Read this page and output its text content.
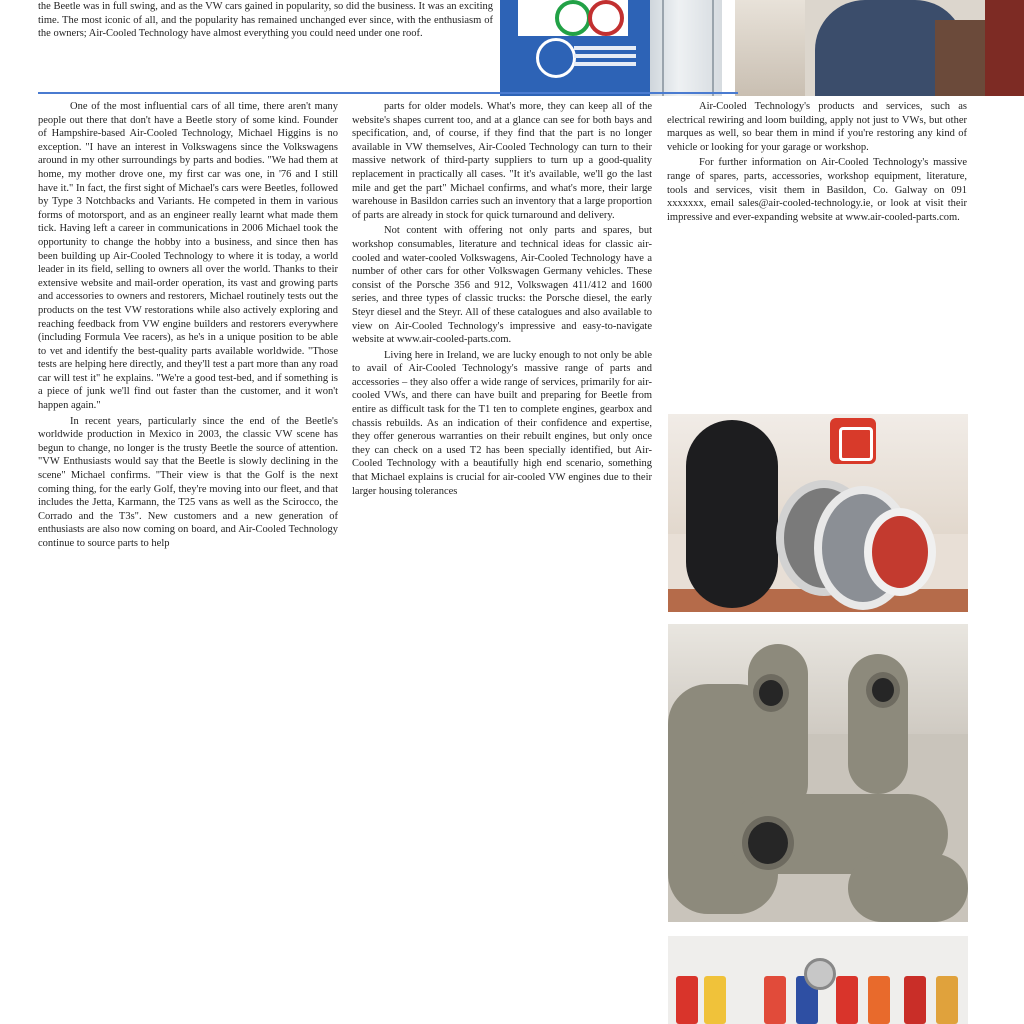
the Beetle was in full swing, and as the VW cars gained in popularity, so did the business. It was an exciting time. The most iconic of all, and the popularity has remained unchanged ever since, with the enthusiasm of the owners; Air-Cooled Technology have almost everything you could need under one roof.

One of the most influential cars of all time, there aren't many people out there that don't have a Beetle story of some kind. Founder of Hampshire-based Air-Cooled Technology, Michael Higgins is no exception. "I have an interest in Volkswagens since the Volkswagens around in my other surroundings by parts and bodies. "We had them at home, my mother drove one, my first car was one, in '76 and I still have it." In fact, the first sight of Michael's cars were Beetles, followed by Type 3 Notchbacks and Variants. He competed in them in various forms of motorsport, and as an engineer really learnt what made them tick. Having left a career in communications in 2006 Michael took the opportunity to change the hobby into a business, and since then has been building up Air-Cooled Technology to where it is today, a world leader in its field, selling to owners all over the world. Thanks to their extensive website and mail-order operation, its vast and growing parts and accessories to owners and restorers, Michael routinely tests out the products on the test VW restorations while also actively exploring and reaching feedback from VW engine builders and restorers everywhere (including Formula Vee racers), as he's in a unique position to be able to vet and identify the best-quality parts available worldwide. "Those tests are helping here directly, and they'll test a part more than any road car will test it" he explains. "We're a good test-bed, and if something is a piece of junk we'll find out faster than the customer, and it won't happen again."

In recent years, particularly since the end of the Beetle's worldwide production in Mexico in 2003, the classic VW scene has begun to change, no longer is the trusty Beetle the source of attention. "VW Enthusiasts would say that the Beetle is slowly declining in the scene" Michael confirms. "Their view is that the Golf is the next coming thing, for the early Golf, they're moving into our fleet, and that includes the Jetta, Karmann, the T25 vans as well as the Scirocco, the Corrado and the T3s". New customers and a new generation of enthusiasts are also now coming on board, and Air-Cooled Technology continue to source parts to help

parts for older models. What's more, they can keep all of the website's shapes current too, and at a glance can see for both bays and specification, and, of course, if they find that the part is no longer available in VW themselves, Air-Cooled Technology can turn to their massive network of third-party suppliers to turn up a good-quality replacement in practically all cases. "It it's available, we'll go the last mile and get the part" Michael confirms, and what's more, their large warehouse in Basildon carries such an inventory that a large proportion of parts are already in stock for quick turnaround and delivery.

Not content with offering not only parts and spares, but workshop consumables, literature and technical ideas for classic air-cooled and water-cooled Volkswagens, Air-Cooled Technology have a number of other cars for other Volkswagen Germany vehicles. These consist of the Porsche 356 and 912, Volkswagen 411/412 and 1600 series, and three types of classic trucks: the Porsche diesel, the early Steyr diesel and the Steyr. All of these catalogues and also available to view on Air-Cooled Technology's impressive and easy-to-navigate website at www.air-cooled-parts.com.

Living here in Ireland, we are lucky enough to not only be able to avail of Air-Cooled Technology's massive range of parts and accessories – they also offer a wide range of services, primarily for air-cooled VWs, and there can have built and preparing for Beetle from entire as difficult task for the T1 ten to complete engines, gearbox and chassis rebuilds. As an indication of their confidence and expertise, they offer generous warranties on their rebuilt engines, but only once they can check on a used T2 has been specially identified, but Air-Cooled Technology with a beautifully high end scenario, something that Michael explains is crucial for air-cooled VW engines due to their larger housing tolerances

Air-Cooled Technology's products and services, such as electrical rewiring and loom building, apply not just to VWs, but other marques as well, so bear them in mind if you're restoring any kind of vehicle or looking for your garage or workshop.

For further information on Air-Cooled Technology's massive range of spares, parts, accessories, workshop equipment, literature, tools and services, visit them in Basildon, Co. Galway on 091 xxxxxxx, email sales@air-cooled-technology.ie, or look at visit their impressive and ever-expanding website at www.air-cooled-parts.com.
